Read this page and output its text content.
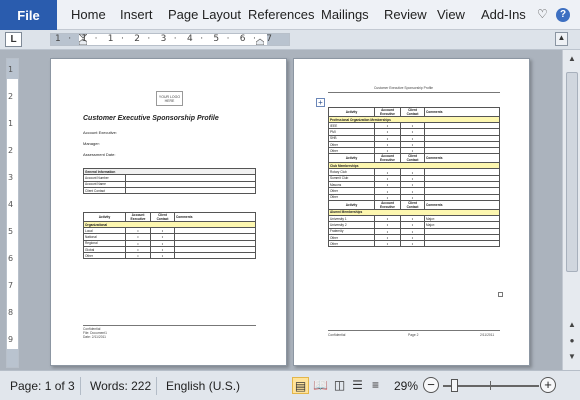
File	Home Insert Page Layout References Mailings Review View Add-Ins ♡	?
L	1 · 1 · 1 · 2 · 3 · 4 · 5 · 6 · 7	▲
1
2
1
2
3
4
5
6
7
8
9
YOUR LOGO HERE
Customer Executive Sponsorship Profile
Account Executive:
Manager:
Assessment Date:
General Information	
Account Number	
Account Name	
Client Contact	
Activity	Account Executive	Client Contact	Comments
Organizational			
Local	•	•	
National	•	•	
Regional	•	•	
Global	•	•	
Other	•	•	
Confidential
File: Document1
Date: 2/11/2011
Customer Executive Sponsorship Profile
+
Activity	Account Executive	Client Contact	Comments
Professional Organization Memberships			
IEEE	•	•	
PMI	•	•	
SHB	•	•	
Other	•	•	
Other	•	•	
Activity	Account Executive	Client Contact	Comments
Club Memberships			
Rotary Club	•	•	
Summit Club	•	•	
Masons	•	•	
Other	•	•	
Other	•	•	
Activity	Account Executive	Client Contact	Comments
Alumni Memberships			
University 1	•	•	Major:
University 2	•	•	Major:
Fraternity	•	•	
Other	•	•	
Other	•	•	
Confidential	Page 2	2/11/2011
▲
▲
●
▼
Page: 1 of 3 Words: 222 English (U.S.)	▤ 📖 ◫ ☰ ≡	29% −	+
